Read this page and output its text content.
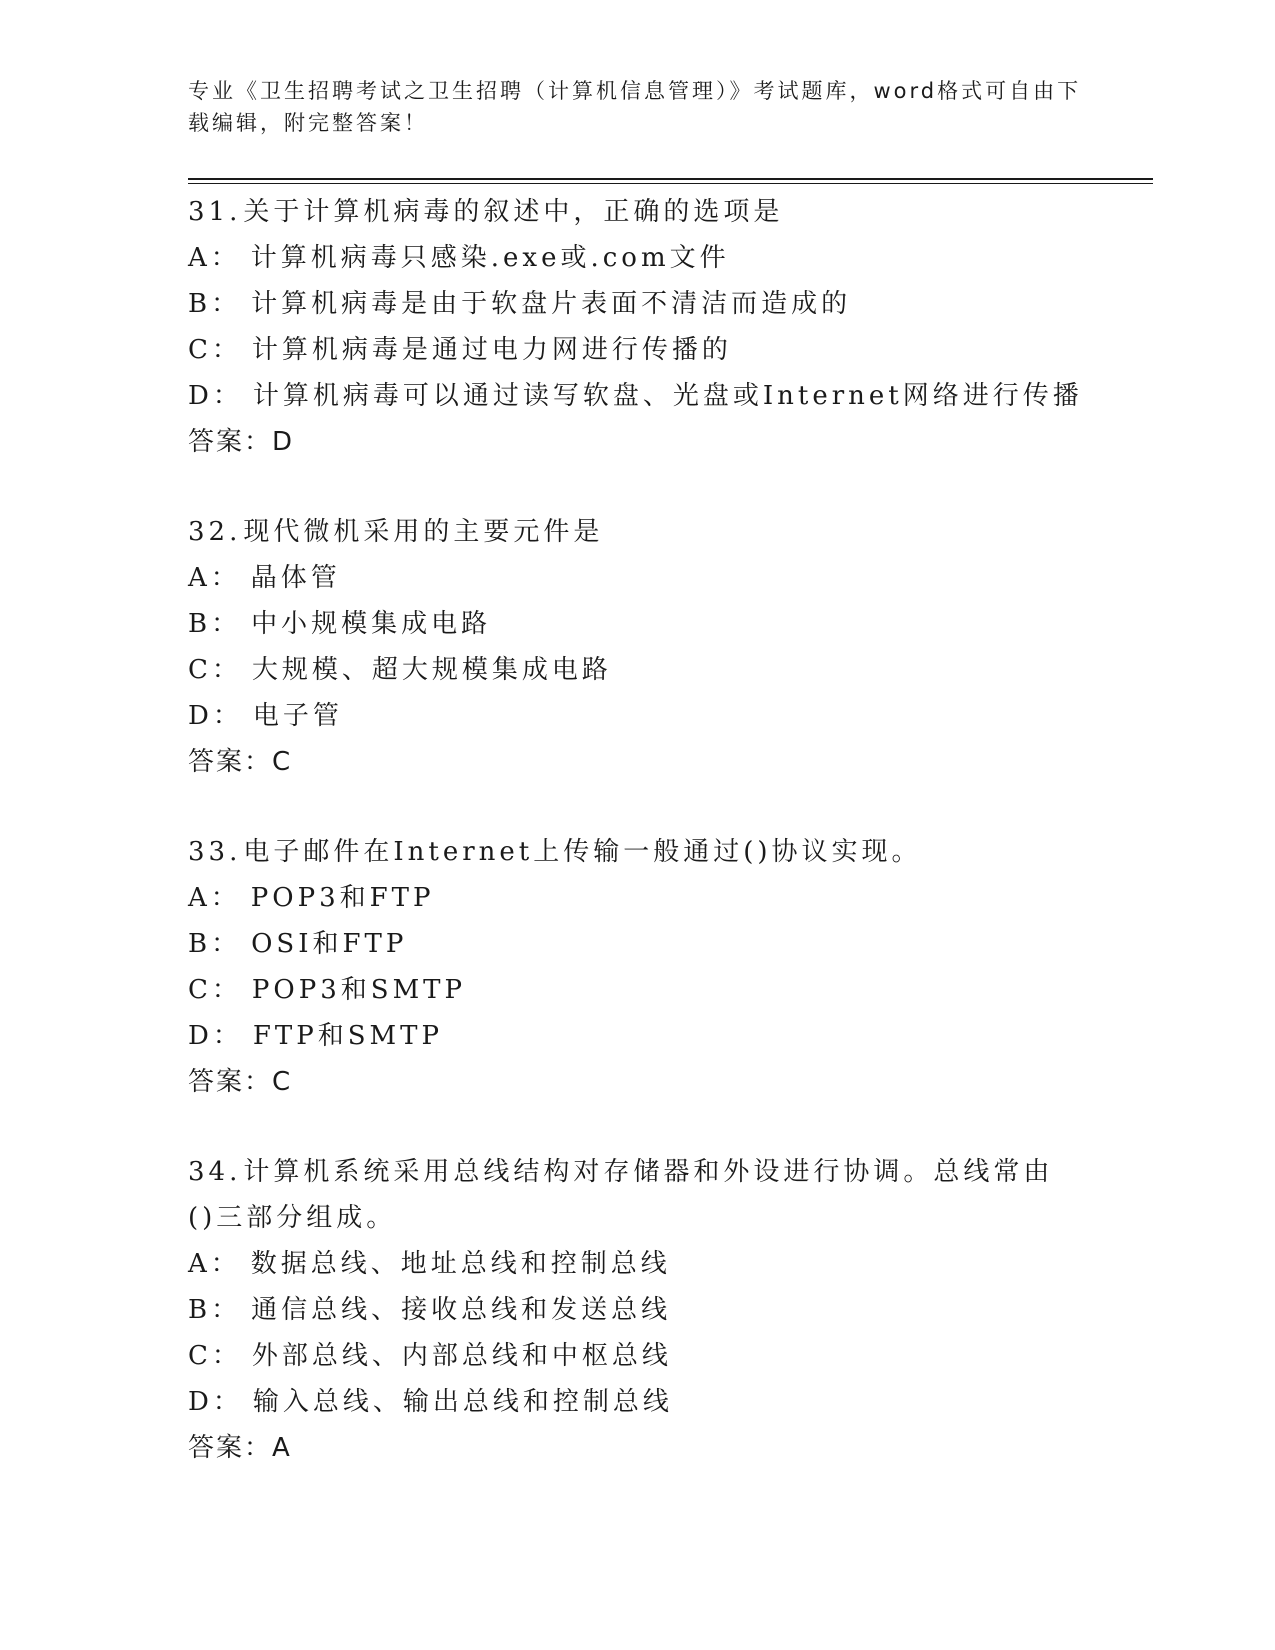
专业《卫生招聘考试之卫生招聘（计算机信息管理）》考试题库，word格式可自由下载编辑，附完整答案！
31.关于计算机病毒的叙述中，正确的选项是
A： 计算机病毒只感染.exe或.com文件
B： 计算机病毒是由于软盘片表面不清洁而造成的
C： 计算机病毒是通过电力网进行传播的
D： 计算机病毒可以通过读写软盘、光盘或Internet网络进行传播
答案：D
32.现代微机采用的主要元件是
A： 晶体管
B： 中小规模集成电路
C： 大规模、超大规模集成电路
D： 电子管
答案：C
33.电子邮件在Internet上传输一般通过()协议实现。
A： POP3和FTP
B： OSI和FTP
C： POP3和SMTP
D： FTP和SMTP
答案：C
34.计算机系统采用总线结构对存储器和外设进行协调。总线常由()三部分组成。
A： 数据总线、地址总线和控制总线
B： 通信总线、接收总线和发送总线
C： 外部总线、内部总线和中枢总线
D： 输入总线、输出总线和控制总线
答案：A
